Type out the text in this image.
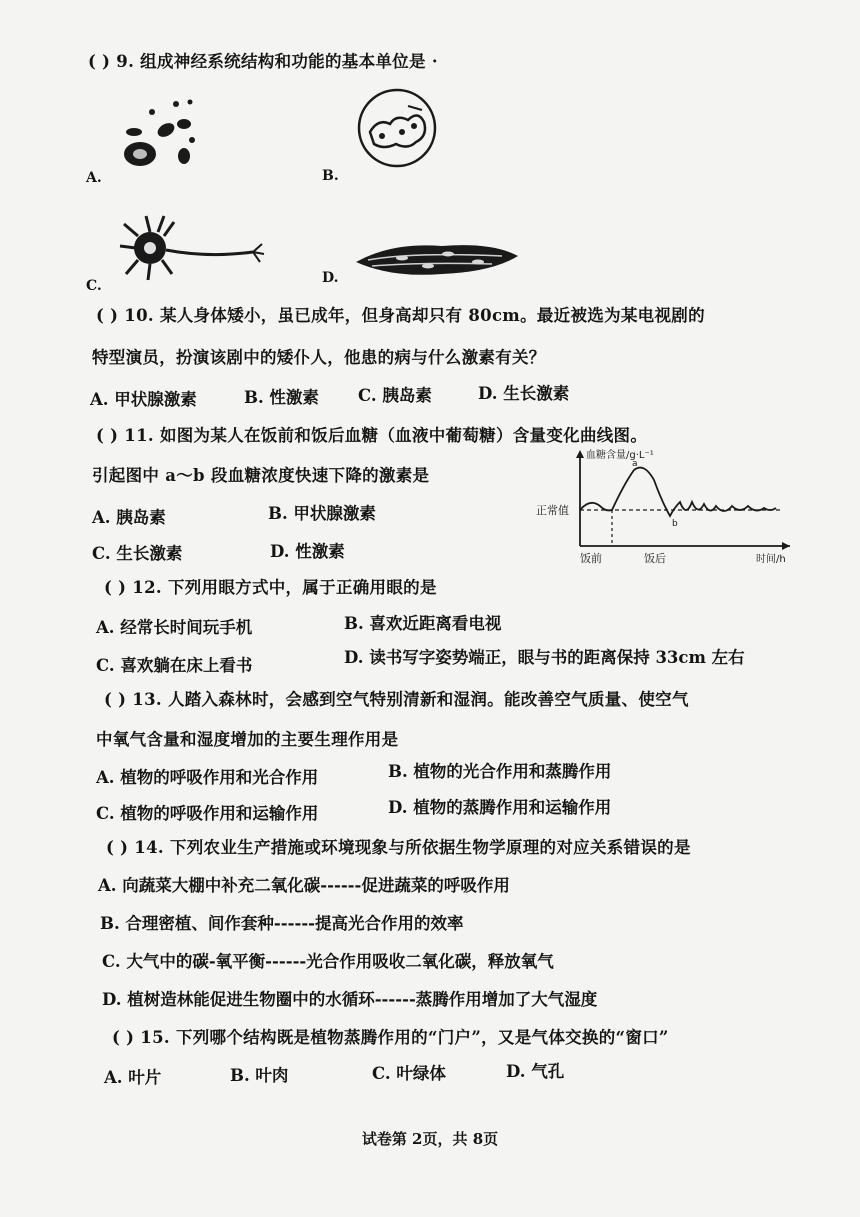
( ) 9. 组成神经系统结构和功能的基本单位是 ·
A.	B.
C.	D.
( ) 10. 某人身体矮小，虽已成年，但身高却只有 80cm。最近被选为某电视剧的
特型演员，扮演该剧中的矮仆人，他患的病与什么激素有关？
A. 甲状腺激素	B. 性激素 C. 胰岛素	D. 生长激素
( ) 11. 如图为某人在饭前和饭后血糖（血液中葡萄糖）含量变化曲线图。
引起图中 a～b 段血糖浓度快速下降的激素是
A. 胰岛素	B. 甲状腺激素
C. 生长激素	D. 性激素
a
b
血糖含量/g·L⁻¹
正常值
饭前	饭后	时间/h
( ) 12. 下列用眼方式中，属于正确用眼的是
A. 经常长时间玩手机	B. 喜欢近距离看电视
C. 喜欢躺在床上看书	D. 读书写字姿势端正，眼与书的距离保持 33cm 左右
( ) 13. 人踏入森林时，会感到空气特别清新和湿润。能改善空气质量、使空气
中氧气含量和湿度增加的主要生理作用是
A. 植物的呼吸作用和光合作用	B. 植物的光合作用和蒸腾作用
C. 植物的呼吸作用和运输作用	D. 植物的蒸腾作用和运输作用
( ) 14. 下列农业生产措施或环境现象与所依据生物学原理的对应关系错误的是
A. 向蔬菜大棚中补充二氧化碳------促进蔬菜的呼吸作用
B. 合理密植、间作套种------提高光合作用的效率
C. 大气中的碳-氧平衡------光合作用吸收二氧化碳，释放氧气
D. 植树造林能促进生物圈中的水循环------蒸腾作用增加了大气湿度
( ) 15. 下列哪个结构既是植物蒸腾作用的“门户”，又是气体交换的“窗口”
A. 叶片	B. 叶肉	C. 叶绿体	D. 气孔
试卷第 2页，共 8页
